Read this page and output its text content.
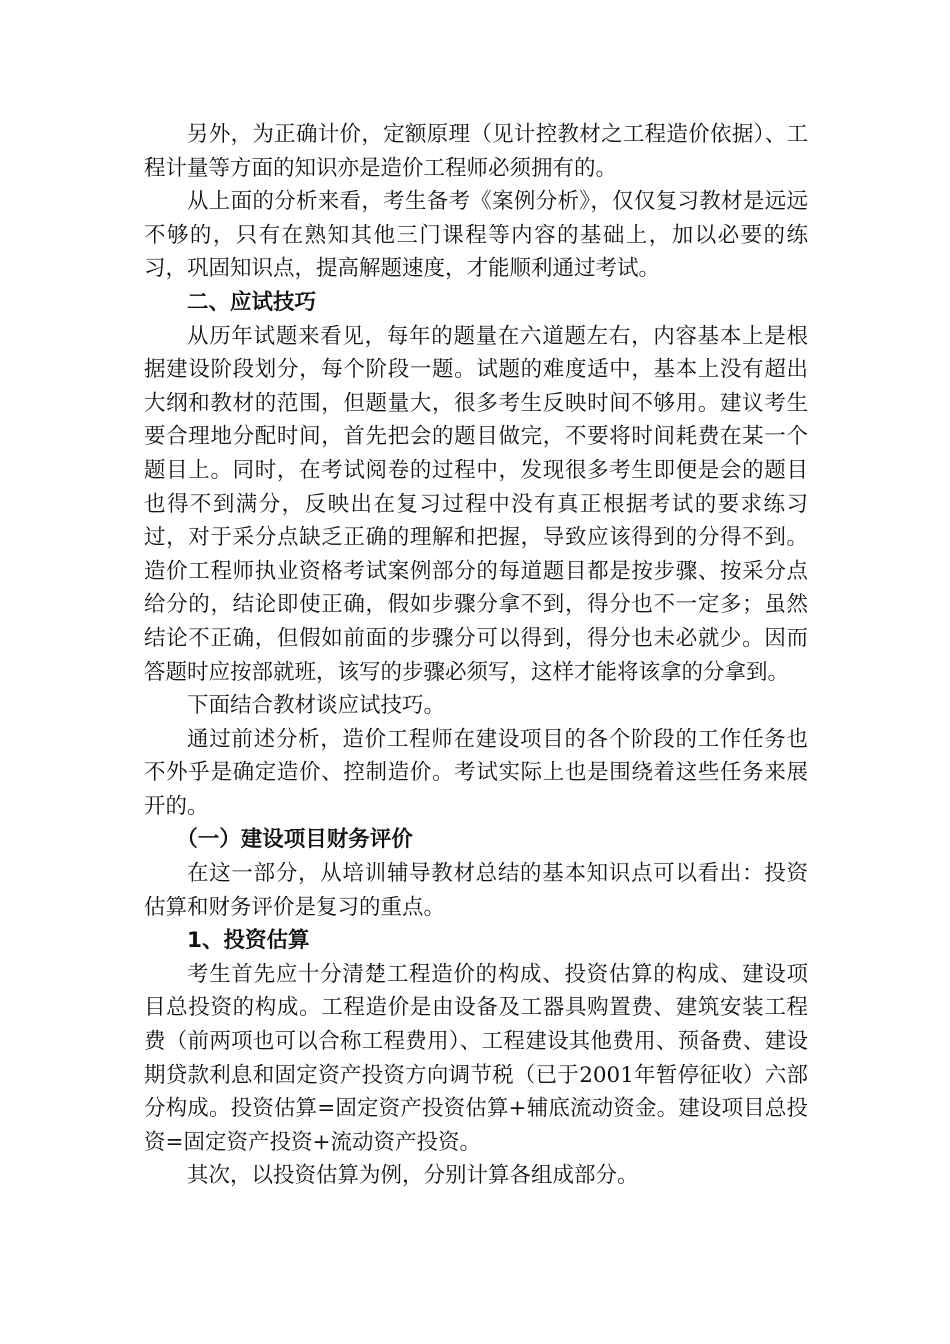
另外，为正确计价，定额原理（见计控教材之工程造价依据）、工程计量等方面的知识亦是造价工程师必须拥有的。

从上面的分析来看，考生备考《案例分析》，仅仅复习教材是远远不够的，只有在熟知其他三门课程等内容的基础上，加以必要的练习，巩固知识点，提高解题速度，才能顺利通过考试。

二、应试技巧

从历年试题来看见，每年的题量在六道题左右，内容基本上是根据建设阶段划分，每个阶段一题。试题的难度适中，基本上没有超出大纲和教材的范围，但题量大，很多考生反映时间不够用。建议考生要合理地分配时间，首先把会的题目做完，不要将时间耗费在某一个题目上。同时，在考试阅卷的过程中，发现很多考生即便是会的题目也得不到满分，反映出在复习过程中没有真正根据考试的要求练习过，对于采分点缺乏正确的理解和把握，导致应该得到的分得不到。造价工程师执业资格考试案例部分的每道题目都是按步骤、按采分点给分的，结论即使正确，假如步骤分拿不到，得分也不一定多；虽然结论不正确，但假如前面的步骤分可以得到，得分也未必就少。因而答题时应按部就班，该写的步骤必须写，这样才能将该拿的分拿到。

下面结合教材谈应试技巧。

通过前述分析，造价工程师在建设项目的各个阶段的工作任务也不外乎是确定造价、控制造价。考试实际上也是围绕着这些任务来展开的。

（一）建设项目财务评价

在这一部分，从培训辅导教材总结的基本知识点可以看出：投资估算和财务评价是复习的重点。

1、投资估算

考生首先应十分清楚工程造价的构成、投资估算的构成、建设项目总投资的构成。工程造价是由设备及工器具购置费、建筑安装工程费（前两项也可以合称工程费用）、工程建设其他费用、预备费、建设期贷款利息和固定资产投资方向调节税（已于2001年暂停征收）六部分构成。投资估算=固定资产投资估算+辅底流动资金。建设项目总投资=固定资产投资+流动资产投资。

其次，以投资估算为例，分别计算各组成部分。
